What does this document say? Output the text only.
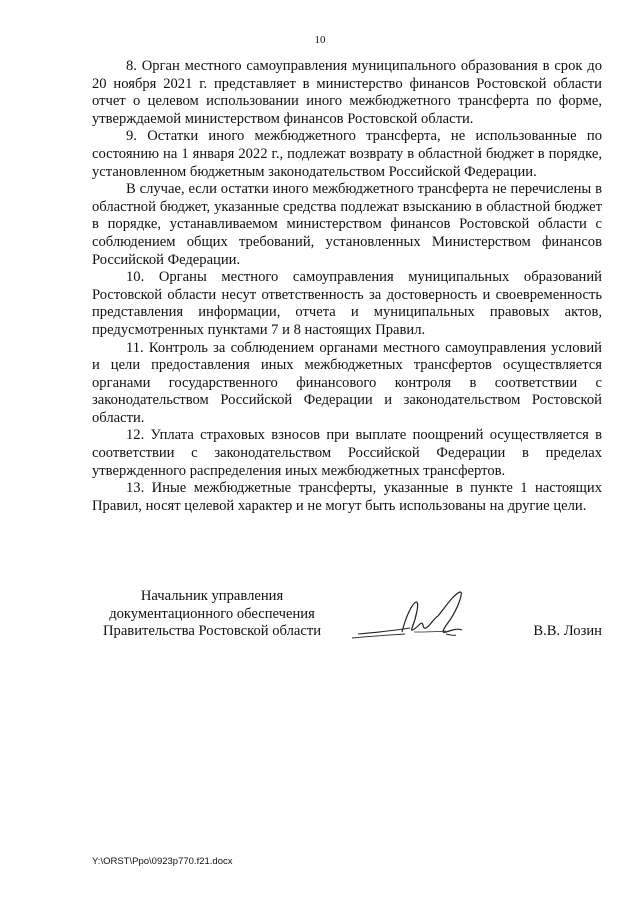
10

8. Орган местного самоуправления муниципального образования в срок до 20 ноября 2021 г. представляет в министерство финансов Ростовской области отчет о целевом использовании иного межбюджетного трансферта по форме, утверждаемой министерством финансов Ростовской области.

9. Остатки иного межбюджетного трансферта, не использованные по состоянию на 1 января 2022 г., подлежат возврату в областной бюджет в порядке, установленном бюджетным законодательством Российской Федерации.

В случае, если остатки иного межбюджетного трансферта не перечислены в областной бюджет, указанные средства подлежат взысканию в областной бюджет в порядке, устанавливаемом министерством финансов Ростовской области с соблюдением общих требований, установленных Министерством финансов Российской Федерации.

10. Органы местного самоуправления муниципальных образований Ростовской области несут ответственность за достоверность и своевременность представления информации, отчета и муниципальных правовых актов, предусмотренных пунктами 7 и 8 настоящих Правил.

11. Контроль за соблюдением органами местного самоуправления условий и цели предоставления иных межбюджетных трансфертов осуществляется органами государственного финансового контроля в соответствии с законодательством Российской Федерации и законодательством Ростовской области.

12. Уплата страховых взносов при выплате поощрений осуществляется в соответствии с законодательством Российской Федерации в пределах утвержденного распределения иных межбюджетных трансфертов.

13. Иные межбюджетные трансферты, указанные в пункте 1 настоящих Правил, носят целевой характер и не могут быть использованы на другие цели.

Начальник управления
документационного обеспечения
Правительства Ростовской области	В.В. Лозин
Y:\ORST\Ppo\0923p770.f21.docx
